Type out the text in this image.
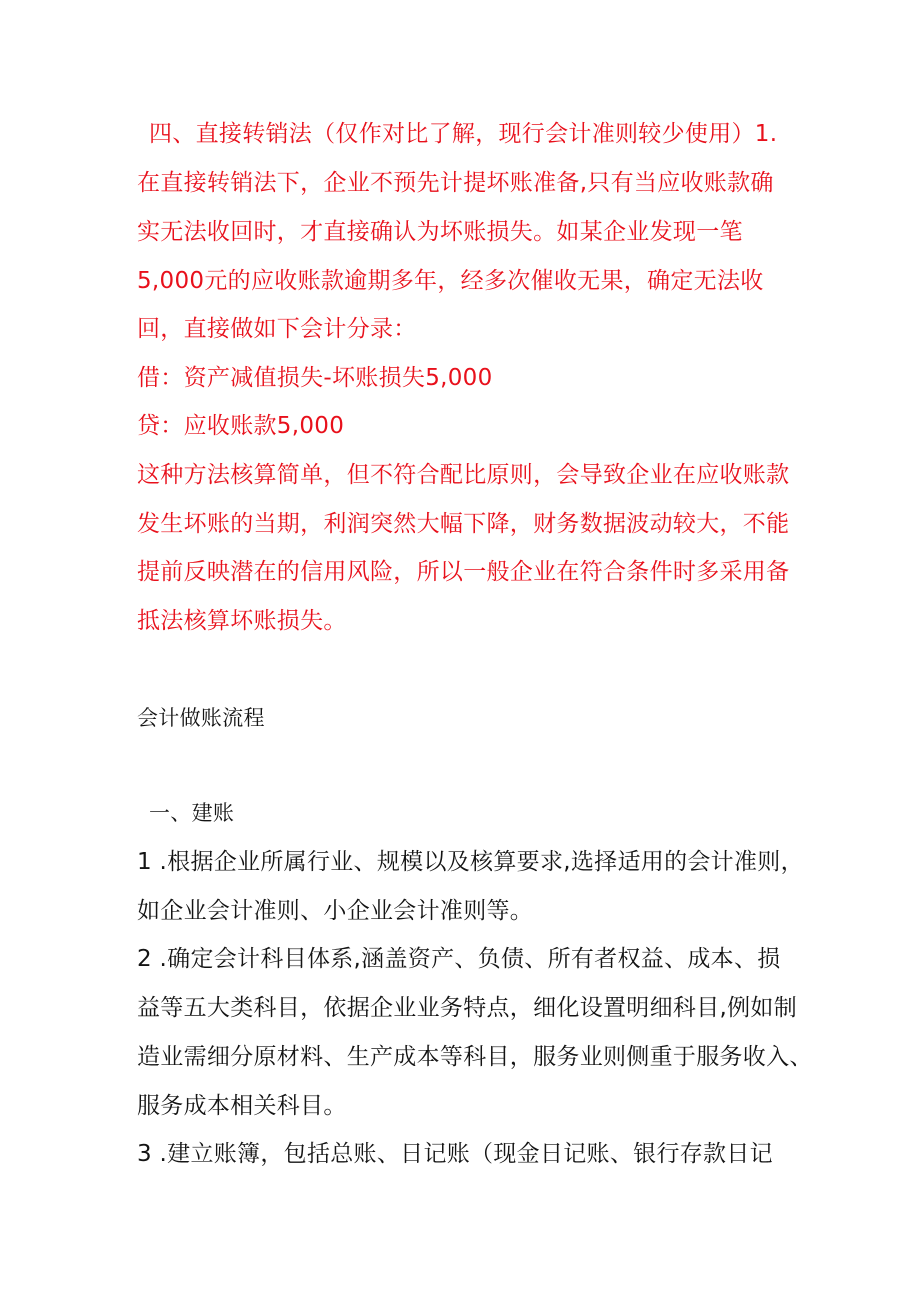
四、直接转销法（仅作对比了解，现行会计准则较少使用）1.
在直接转销法下，企业不预先计提坏账准备,只有当应收账款确
实无法收回时，才直接确认为坏账损失。如某企业发现一笔
5,000元的应收账款逾期多年，经多次催收无果，确定无法收
回，直接做如下会计分录：
借：资产减值损失-坏账损失5,000
贷：应收账款5,000
这种方法核算简单，但不符合配比原则，会导致企业在应收账款
发生坏账的当期，利润突然大幅下降，财务数据波动较大，不能
提前反映潜在的信用风险，所以一般企业在符合条件时多采用备
抵法核算坏账损失。
会计做账流程
一、建账
1 .根据企业所属行业、规模以及核算要求,选择适用的会计准则，
如企业会计准则、小企业会计准则等。
2 .确定会计科目体系,涵盖资产、负债、所有者权益、成本、损
益等五大类科目，依据企业业务特点，细化设置明细科目,例如制
造业需细分原材料、生产成本等科目，服务业则侧重于服务收入、
服务成本相关科目。
3 .建立账簿，包括总账、日记账（现金日记账、银行存款日记
